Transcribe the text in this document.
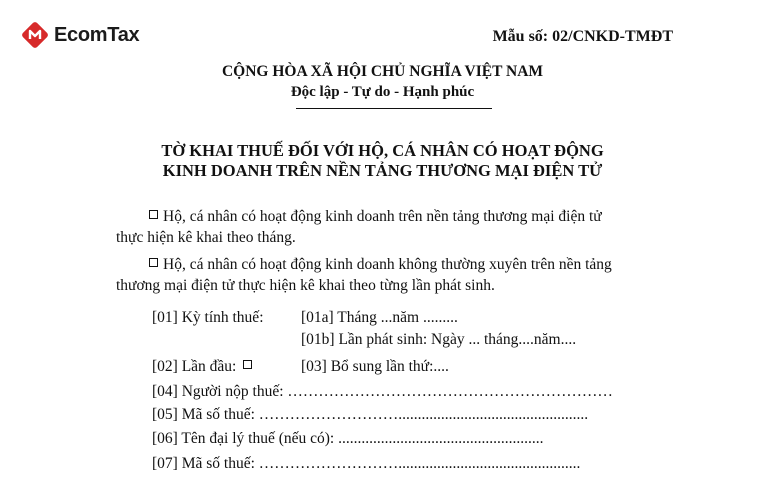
EcomTax	Mẫu số: 02/CNKD-TMĐT
CỘNG HÒA XÃ HỘI CHỦ NGHĨA VIỆT NAM
Độc lập - Tự do - Hạnh phúc
TỜ KHAI THUẾ ĐỐI VỚI HỘ, CÁ NHÂN CÓ HOẠT ĐỘNG
KINH DOANH TRÊN NỀN TẢNG THƯƠNG MẠI ĐIỆN TỬ
Hộ, cá nhân có hoạt động kinh doanh trên nền tảng thương mại điện tử
thực hiện kê khai theo tháng.
Hộ, cá nhân có hoạt động kinh doanh không thường xuyên trên nền tảng
thương mại điện tử thực hiện kê khai theo từng lần phát sinh.
[01] Kỳ tính thuế: [01a] Tháng ...năm .........
[01b] Lần phát sinh: Ngày ... tháng....năm....
[02] Lần đầu:	[03] Bổ sung lần thứ:....
[04] Người nộp thuế: ………………………………………………………
[05] Mã số thuế: ……………………….................................................
[06] Tên đại lý thuế (nếu có): .....................................................
[07] Mã số thuế: ………………………...............................................
